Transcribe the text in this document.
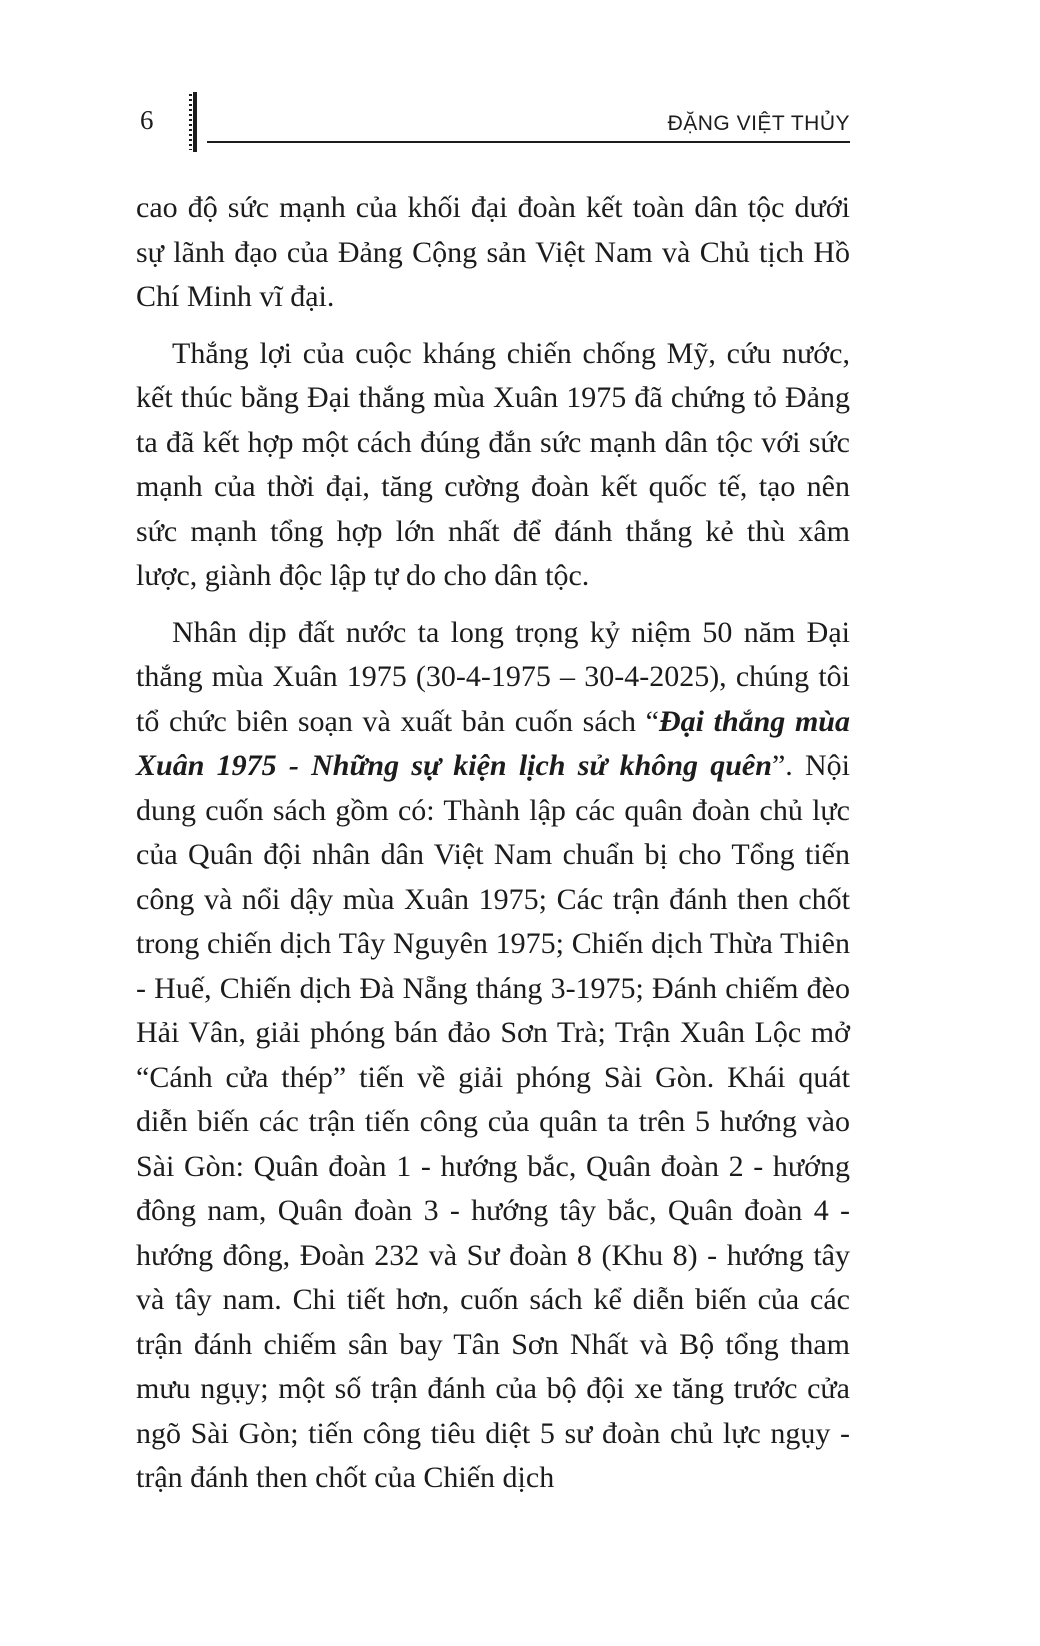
6	ĐẶNG VIỆT THỦY

cao độ sức mạnh của khối đại đoàn kết toàn dân tộc dưới sự lãnh đạo của Đảng Cộng sản Việt Nam và Chủ tịch Hồ Chí Minh vĩ đại.

Thắng lợi của cuộc kháng chiến chống Mỹ, cứu nước, kết thúc bằng Đại thắng mùa Xuân 1975 đã chứng tỏ Đảng ta đã kết hợp một cách đúng đắn sức mạnh dân tộc với sức mạnh của thời đại, tăng cường đoàn kết quốc tế, tạo nên sức mạnh tổng hợp lớn nhất để đánh thắng kẻ thù xâm lược, giành độc lập tự do cho dân tộc.

Nhân dịp đất nước ta long trọng kỷ niệm 50 năm Đại thắng mùa Xuân 1975 (30-4-1975 – 30-4-2025), chúng tôi tổ chức biên soạn và xuất bản cuốn sách “Đại thắng mùa Xuân 1975 - Những sự kiện lịch sử không quên”. Nội dung cuốn sách gồm có: Thành lập các quân đoàn chủ lực của Quân đội nhân dân Việt Nam chuẩn bị cho Tổng tiến công và nổi dậy mùa Xuân 1975; Các trận đánh then chốt trong chiến dịch Tây Nguyên 1975; Chiến dịch Thừa Thiên - Huế, Chiến dịch Đà Nẵng tháng 3-1975; Đánh chiếm đèo Hải Vân, giải phóng bán đảo Sơn Trà; Trận Xuân Lộc mở “Cánh cửa thép” tiến về giải phóng Sài Gòn. Khái quát diễn biến các trận tiến công của quân ta trên 5 hướng vào Sài Gòn: Quân đoàn 1 - hướng bắc, Quân đoàn 2 - hướng đông nam, Quân đoàn 3 - hướng tây bắc, Quân đoàn 4 - hướng đông, Đoàn 232 và Sư đoàn 8 (Khu 8) - hướng tây và tây nam. Chi tiết hơn, cuốn sách kể diễn biến của các trận đánh chiếm sân bay Tân Sơn Nhất và Bộ tổng tham mưu ngụy; một số trận đánh của bộ đội xe tăng trước cửa ngõ Sài Gòn; tiến công tiêu diệt 5 sư đoàn chủ lực ngụy - trận đánh then chốt của Chiến dịch
